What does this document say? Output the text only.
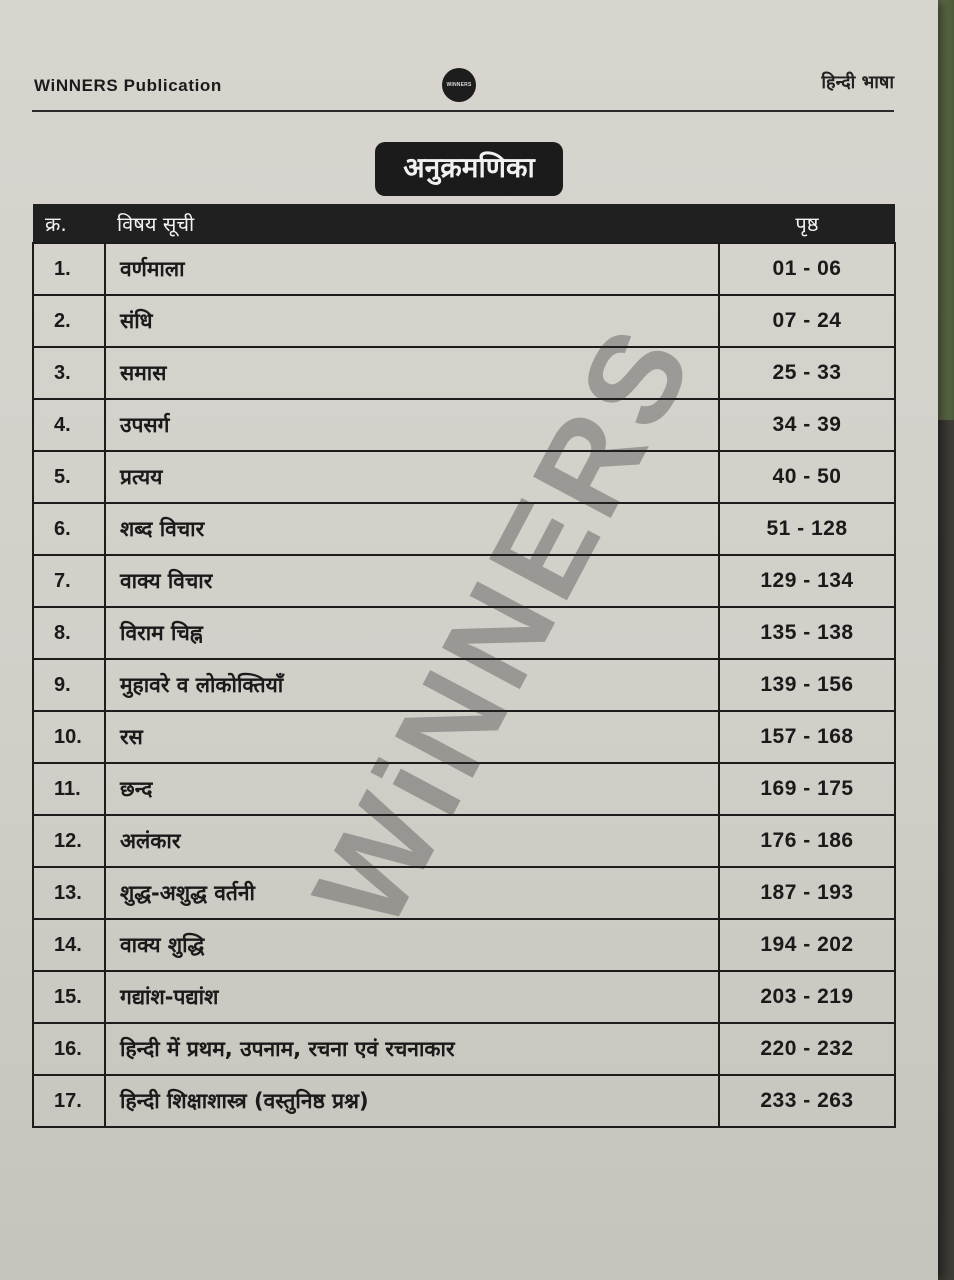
WiNNERS Publication	WINNERS	हिन्दी भाषा
अनुक्रमणिका
क्र.	विषय सूची	पृष्ठ
1.	वर्णमाला	01 - 06
2.	संधि	07 - 24
3.	समास	25 - 33
4.	उपसर्ग	34 - 39
5.	प्रत्यय	40 - 50
6.	शब्द विचार	51 - 128
7.	वाक्य विचार	129 - 134
8.	विराम चिह्न	135 - 138
9.	मुहावरे व लोकोक्तियाँ	139 - 156
10.	रस	157 - 168
11.	छन्द	169 - 175
12.	अलंकार	176 - 186
13.	शुद्ध-अशुद्ध वर्तनी	187 - 193
14.	वाक्य शुद्धि	194 - 202
15.	गद्यांश-पद्यांश	203 - 219
16.	हिन्दी में प्रथम, उपनाम, रचना एवं रचनाकार	220 - 232
17.	हिन्दी शिक्षाशास्त्र (वस्तुनिष्ठ प्रश्न)	233 - 263
WiNNERS
